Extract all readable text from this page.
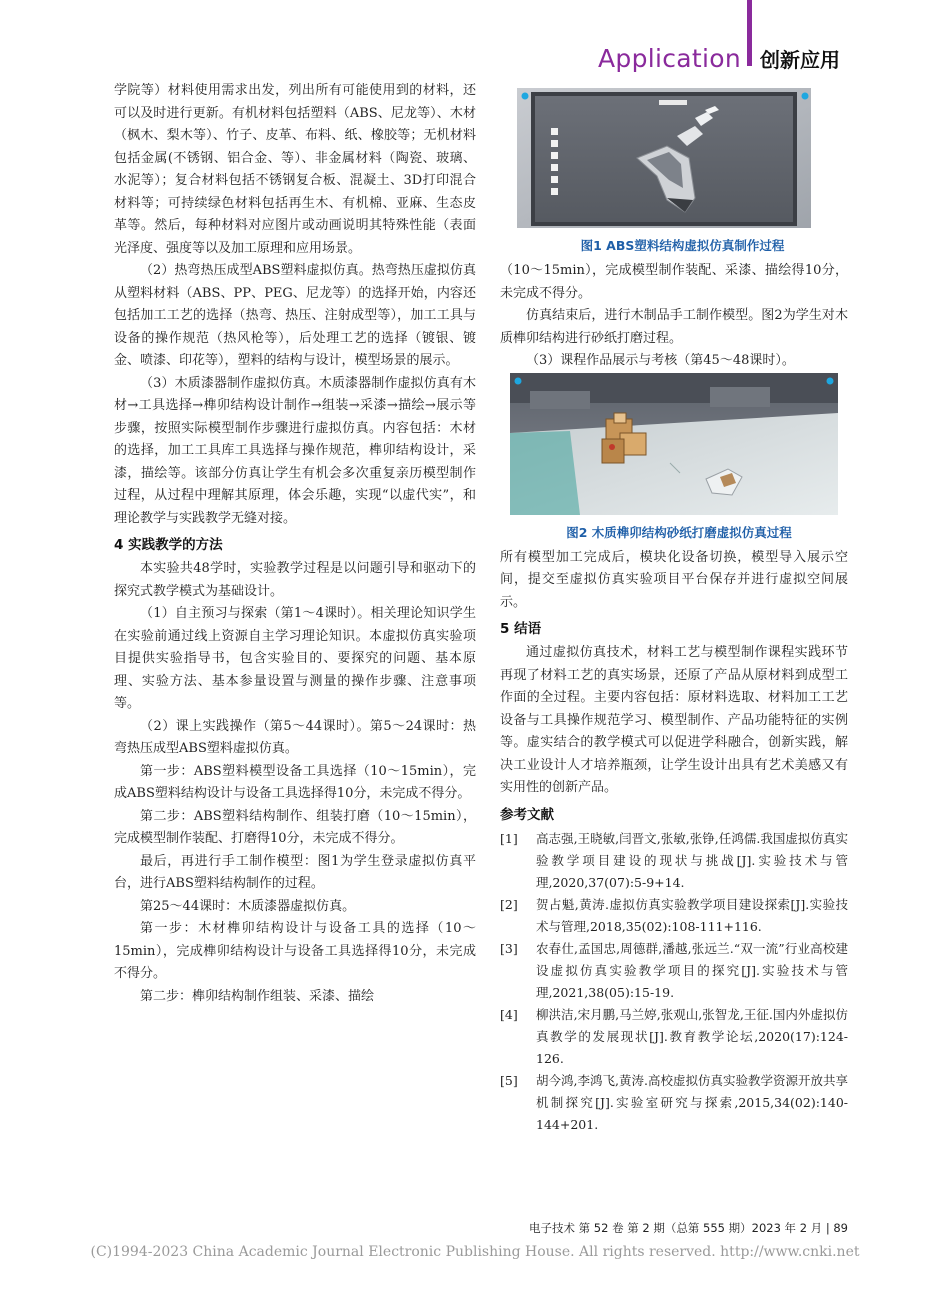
Application 创新应用

学院等）材料使用需求出发，列出所有可能使用到的材料，还可以及时进行更新。有机材料包括塑料（ABS、尼龙等）、木材（枫木、梨木等）、竹子、皮革、布料、纸、橡胶等；无机材料包括金属(不锈钢、铝合金、等）、非金属材料（陶瓷、玻璃、水泥等）；复合材料包括不锈钢复合板、混凝土、3D打印混合材料等；可持续绿色材料包括再生木、有机棉、亚麻、生态皮革等。然后，每种材料对应图片或动画说明其特殊性能（表面光泽度、强度等以及加工原理和应用场景。

（2）热弯热压成型ABS塑料虚拟仿真。热弯热压虚拟仿真从塑料材料（ABS、PP、PEG、尼龙等）的选择开始，内容还包括加工工艺的选择（热弯、热压、注射成型等），加工工具与设备的操作规范（热风枪等），后处理工艺的选择（镀银、镀金、喷漆、印花等），塑料的结构与设计，模型场景的展示。

（3）木质漆器制作虚拟仿真。木质漆器制作虚拟仿真有木材→工具选择→榫卯结构设计制作→组装→采漆→描绘→展示等步骤，按照实际模型制作步骤进行虚拟仿真。内容包括：木材的选择，加工工具库工具选择与操作规范，榫卯结构设计，采漆，描绘等。该部分仿真让学生有机会多次重复亲历模型制作过程，从过程中理解其原理，体会乐趣，实现“以虚代实”，和理论教学与实践教学无缝对接。

4 实践教学的方法

本实验共48学时，实验教学过程是以问题引导和驱动下的探究式教学模式为基础设计。

（1）自主预习与探索（第1～4课时）。相关理论知识学生在实验前通过线上资源自主学习理论知识。本虚拟仿真实验项目提供实验指导书，包含实验目的、要探究的问题、基本原理、实验方法、基本参量设置与测量的操作步骤、注意事项等。

（2）课上实践操作（第5～44课时）。第5～24课时：热弯热压成型ABS塑料虚拟仿真。

第一步：ABS塑料模型设备工具选择（10～15min），完成ABS塑料结构设计与设备工具选择得10分，未完成不得分。

第二步：ABS塑料结构制作、组装打磨（10～15min），完成模型制作装配、打磨得10分，未完成不得分。

最后，再进行手工制作模型：图1为学生登录虚拟仿真平台，进行ABS塑料结构制作的过程。

第25～44课时：木质漆器虚拟仿真。

第一步：木材榫卯结构设计与设备工具的选择（10～15min），完成榫卯结构设计与设备工具选择得10分，未完成不得分。

第二步：榫卯结构制作组装、采漆、描绘

图1 ABS塑料结构虚拟仿真制作过程

（10～15min），完成模型制作装配、采漆、描绘得10分，未完成不得分。

仿真结束后，进行木制品手工制作模型。图2为学生对木质榫卯结构进行砂纸打磨过程。

（3）课程作品展示与考核（第45～48课时）。

图2 木质榫卯结构砂纸打磨虚拟仿真过程

所有模型加工完成后，模块化设备切换，模型导入展示空间，提交至虚拟仿真实验项目平台保存并进行虚拟空间展示。

5 结语

通过虚拟仿真技术，材料工艺与模型制作课程实践环节再现了材料工艺的真实场景，还原了产品从原材料到成型工作面的全过程。主要内容包括：原材料选取、材料加工工艺设备与工具操作规范学习、模型制作、产品功能特征的实例等。虚实结合的教学模式可以促进学科融合，创新实践，解决工业设计人才培养瓶颈，让学生设计出具有艺术美感又有实用性的创新产品。

参考文献
[1]	高志强,王晓敏,闫晋文,张敏,张铮,任鸿儒.我国虚拟仿真实验教学项目建设的现状与挑战[J].实验技术与管理,2020,37(07):5-9+14.
[2]	贺占魁,黄涛.虚拟仿真实验教学项目建设探索[J].实验技术与管理,2018,35(02):108-111+116.
[3]	农春仕,孟国忠,周德群,潘越,张远兰.“双一流”行业高校建设虚拟仿真实验教学项目的探究[J].实验技术与管理,2021,38(05):15-19.
[4]	柳洪洁,宋月鹏,马兰婷,张观山,张智龙,王征.国内外虚拟仿真教学的发展现状[J].教育教学论坛,2020(17):124-126.
[5]	胡今鸿,李鸿飞,黄涛.高校虚拟仿真实验教学资源开放共享机制探究[J].实验室研究与探索,2015,34(02):140-144+201.
电子技术 第 52 卷 第 2 期（总第 555 期）2023 年 2 月 | 89
(C)1994-2023 China Academic Journal Electronic Publishing House. All rights reserved. http://www.cnki.net
